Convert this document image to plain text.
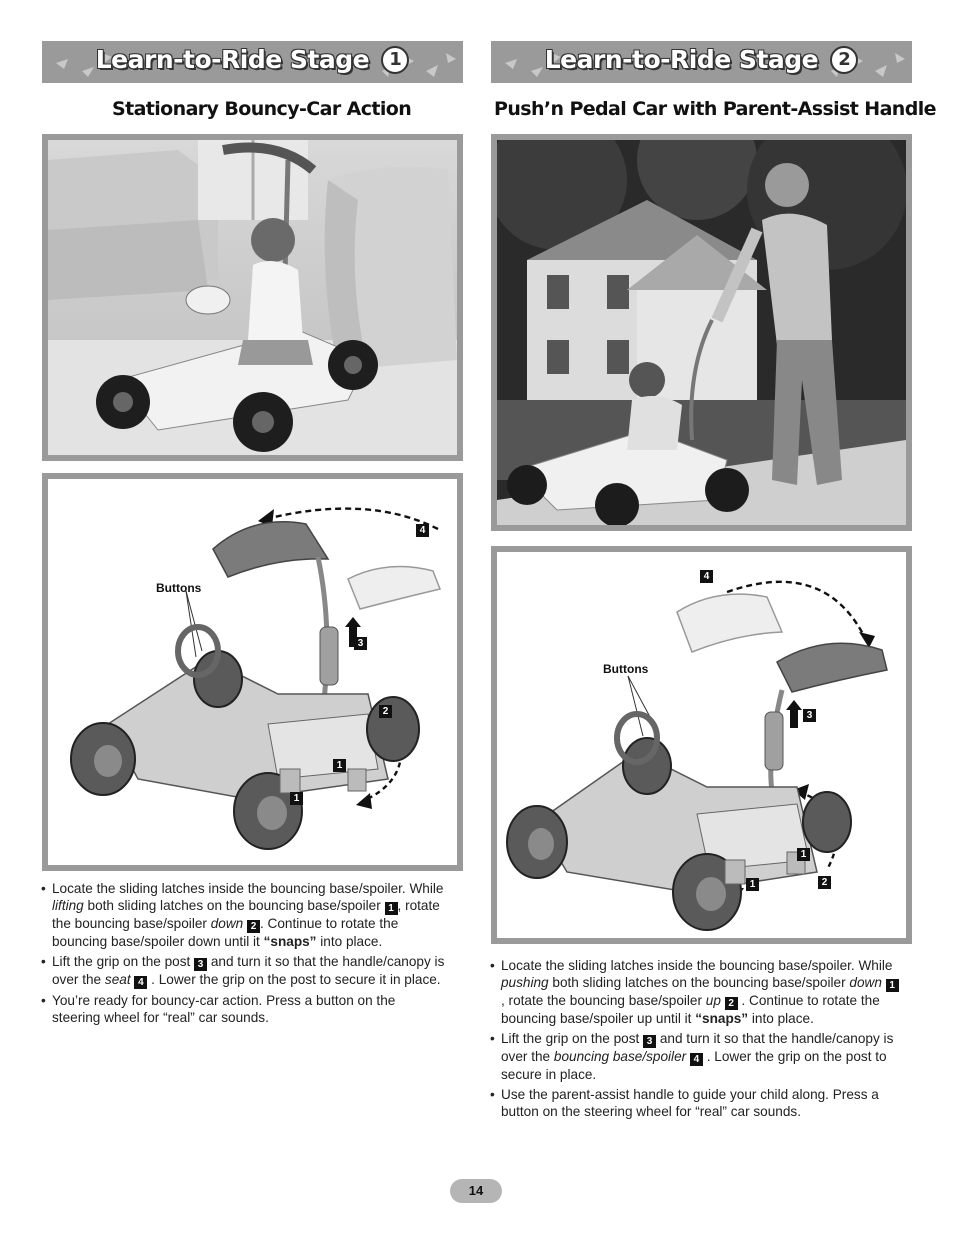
Learn-to-Ride Stage 1
Stationary Bouncy-Car Action
Buttons
4
3
2
1
1
• Locate the sliding latches inside the bouncing base/spoiler. While lifting both sliding latches on the bouncing base/spoiler 1 , rotate the bouncing base/spoiler down 2 . Continue to rotate the bouncing base/spoiler down until it “snaps” into place.
• Lift the grip on the post 3 and turn it so that the handle/canopy is over the seat 4 . Lower the grip on the post to secure it in place.
• You’re ready for bouncy-car action. Press a button on the steering wheel for “real” car sounds.
Learn-to-Ride Stage 2
Push’n Pedal Car with Parent-Assist Handle
Buttons
4
3
1
1	2
• Locate the sliding latches inside the bouncing base/spoiler. While pushing both sliding latches on the bouncing base/spoiler down 1 , rotate the bouncing base/spoiler up 2 . Continue to rotate the bouncing base/spoiler up until it “snaps” into place.
• Lift the grip on the post 3 and turn it so that the handle/canopy is over the bouncing base/spoiler 4 . Lower the grip on the post to secure in place.
• Use the parent-assist handle to guide your child along. Press a button on the steering wheel for “real” car sounds.
14
